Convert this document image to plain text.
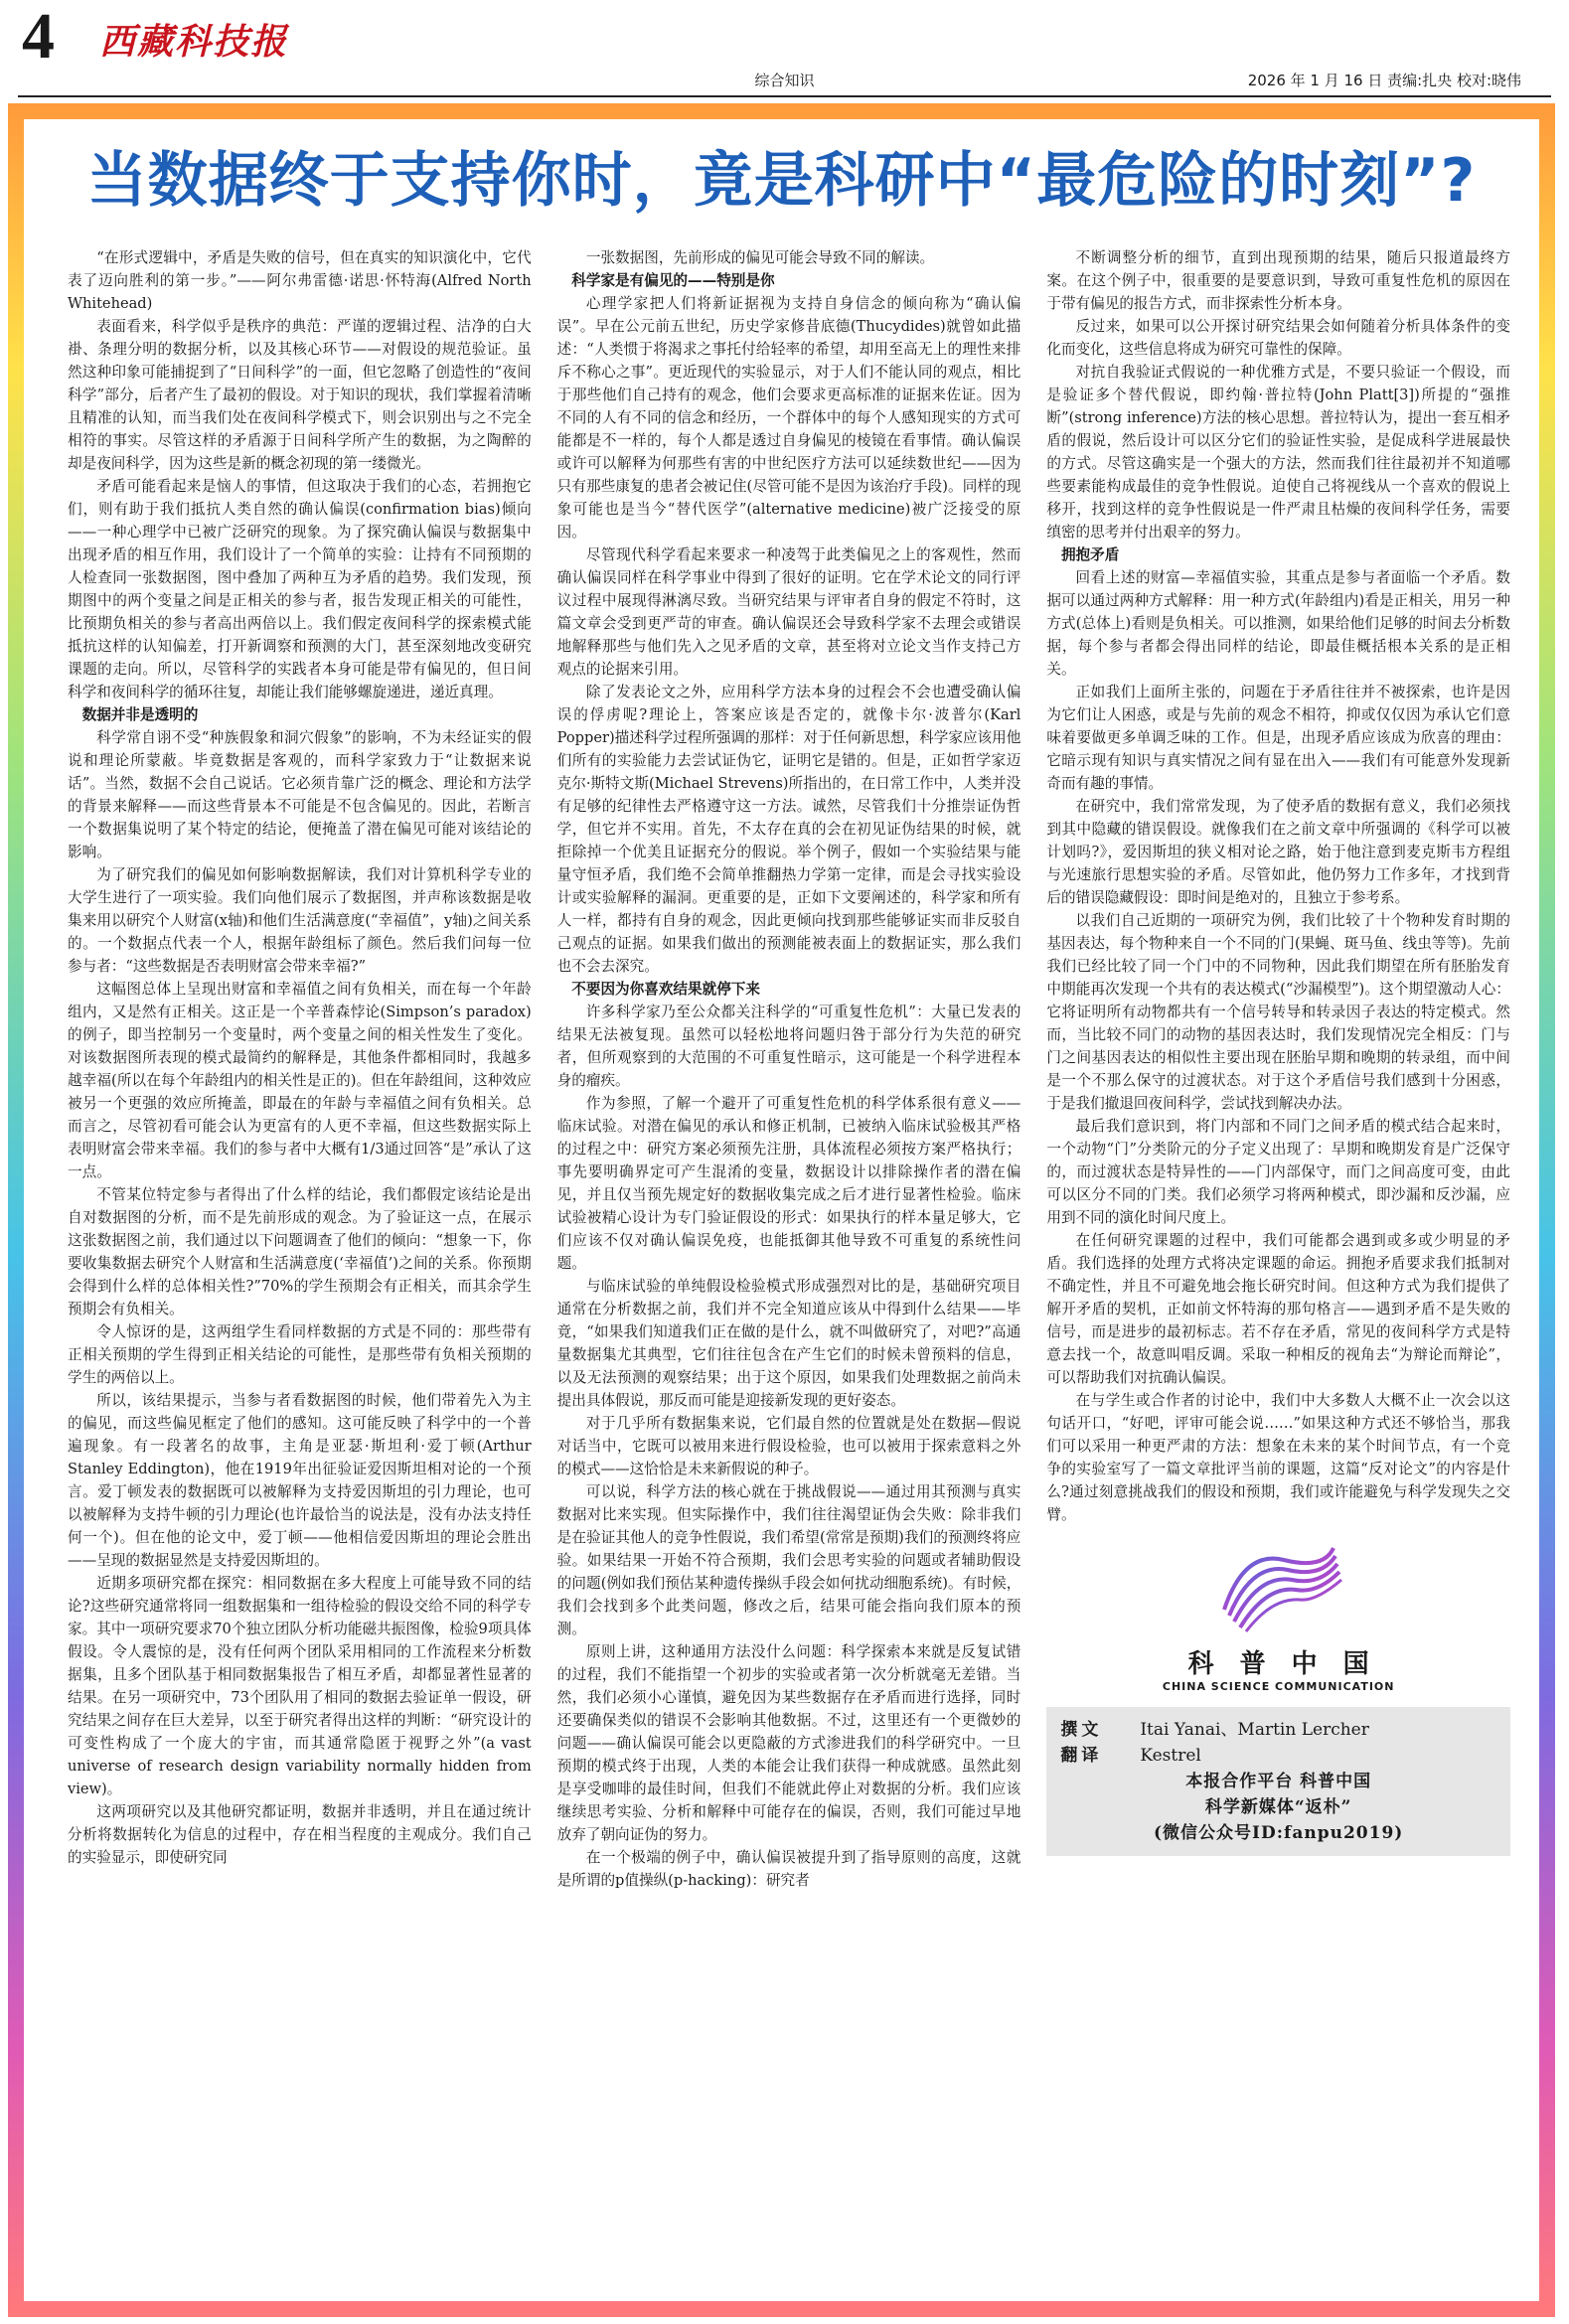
4 西藏科技报
综合知识	2026 年 1 月 16 日 责编:扎央 校对:晓伟
当数据终于支持你时，竟是科研中“最危险的时刻”?

“在形式逻辑中，矛盾是失败的信号，但在真实的知识演化中，它代表了迈向胜利的第一步。”——阿尔弗雷德·诺思·怀特海(Alfred North Whitehead)

表面看来，科学似乎是秩序的典范：严谨的逻辑过程、洁净的白大褂、条理分明的数据分析，以及其核心环节——对假设的规范验证。虽然这种印象可能捕捉到了“日间科学”的一面，但它忽略了创造性的“夜间科学”部分，后者产生了最初的假设。对于知识的现状，我们掌握着清晰且精准的认知，而当我们处在夜间科学模式下，则会识别出与之不完全相符的事实。尽管这样的矛盾源于日间科学所产生的数据，为之陶醉的却是夜间科学，因为这些是新的概念初现的第一缕微光。

矛盾可能看起来是恼人的事情，但这取决于我们的心态，若拥抱它们，则有助于我们抵抗人类自然的确认偏误(confirmation bias)倾向——一种心理学中已被广泛研究的现象。为了探究确认偏误与数据集中出现矛盾的相互作用，我们设计了一个简单的实验：让持有不同预期的人检查同一张数据图，图中叠加了两种互为矛盾的趋势。我们发现，预期图中的两个变量之间是正相关的参与者，报告发现正相关的可能性，比预期负相关的参与者高出两倍以上。我们假定夜间科学的探索模式能抵抗这样的认知偏差，打开新调察和预测的大门，甚至深刻地改变研究课题的走向。所以，尽管科学的实践者本身可能是带有偏见的，但日间科学和夜间科学的循环往复，却能让我们能够螺旋递进，递近真理。

数据并非是透明的

科学常自诩不受“种族假象和洞穴假象”的影响，不为未经证实的假说和理论所蒙蔽。毕竟数据是客观的，而科学家致力于“让数据来说话”。当然，数据不会自己说话。它必须肯靠广泛的概念、理论和方法学的背景来解释——而这些背景本不可能是不包含偏见的。因此，若断言一个数据集说明了某个特定的结论，便掩盖了潜在偏见可能对该结论的影响。

为了研究我们的偏见如何影响数据解读，我们对计算机科学专业的大学生进行了一项实验。我们向他们展示了数据图，并声称该数据是收集来用以研究个人财富(x轴)和他们生活满意度(“幸福值”，y轴)之间关系的。一个数据点代表一个人，根据年龄组标了颜色。然后我们问每一位参与者：“这些数据是否表明财富会带来幸福?”

这幅图总体上呈现出财富和幸福值之间有负相关，而在每一个年龄组内，又是然有正相关。这正是一个辛普森悖论(Simpson’s paradox)的例子，即当控制另一个变量时，两个变量之间的相关性发生了变化。对该数据图所表现的模式最简约的解释是，其他条件都相同时，我越多越幸福(所以在每个年龄组内的相关性是正的)。但在年龄组间，这种效应被另一个更强的效应所掩盖，即最在的年龄与幸福值之间有负相关。总而言之，尽管初看可能会认为更富有的人更不幸福，但这些数据实际上表明财富会带来幸福。我们的参与者中大概有1/3通过回答“是”承认了这一点。

不管某位特定参与者得出了什么样的结论，我们都假定该结论是出自对数据图的分析，而不是先前形成的观念。为了验证这一点，在展示这张数据图之前，我们通过以下问题调查了他们的倾向：“想象一下，你要收集数据去研究个人财富和生活满意度(‘幸福值’)之间的关系。你预期会得到什么样的总体相关性?”70%的学生预期会有正相关，而其余学生预期会有负相关。

令人惊讶的是，这两组学生看同样数据的方式是不同的：那些带有正相关预期的学生得到正相关结论的可能性，是那些带有负相关预期的学生的两倍以上。

所以，该结果提示，当参与者看数据图的时候，他们带着先入为主的偏见，而这些偏见框定了他们的感知。这可能反映了科学中的一个普遍现象。有一段著名的故事，主角是亚瑟·斯坦利·爱丁顿(Arthur Stanley Eddington)，他在1919年出征验证爱因斯坦相对论的一个预言。爱丁顿发表的数据既可以被解释为支持爱因斯坦的引力理论，也可以被解释为支持牛顿的引力理论(也许最恰当的说法是，没有办法支持任何一个)。但在他的论文中，爱丁顿——他相信爱因斯坦的理论会胜出——呈现的数据显然是支持爱因斯坦的。

近期多项研究都在探究：相同数据在多大程度上可能导致不同的结论?这些研究通常将同一组数据集和一组待检验的假设交给不同的科学专家。其中一项研究要求70个独立团队分析功能磁共振图像，检验9项具体假设。令人震惊的是，没有任何两个团队采用相同的工作流程来分析数据集，且多个团队基于相同数据集报告了相互矛盾，却都显著性显著的结果。在另一项研究中，73个团队用了相同的数据去验证单一假设，研究结果之间存在巨大差异，以至于研究者得出这样的判断：“研究设计的可变性构成了一个庞大的宇宙，而其通常隐匿于视野之外”(a vast universe of research design variability normally hidden from view)。

这两项研究以及其他研究都证明，数据并非透明，并且在通过统计分析将数据转化为信息的过程中，存在相当程度的主观成分。我们自己的实验显示，即使研究同

一张数据图，先前形成的偏见可能会导致不同的解读。

科学家是有偏见的——特别是你

心理学家把人们将新证据视为支持自身信念的倾向称为“确认偏误”。早在公元前五世纪，历史学家修昔底德(Thucydides)就曾如此描述：“人类惯于将渴求之事托付给轻率的希望，却用至高无上的理性来排斥不称心之事”。更近现代的实验显示，对于人们不能认同的观点，相比于那些他们自己持有的观念，他们会要求更高标准的证据来佐证。因为不同的人有不同的信念和经历，一个群体中的每个人感知现实的方式可能都是不一样的，每个人都是透过自身偏见的棱镜在看事情。确认偏误或许可以解释为何那些有害的中世纪医疗方法可以延续数世纪——因为只有那些康复的患者会被记住(尽管可能不是因为该治疗手段)。同样的现象可能也是当今“替代医学”(alternative medicine)被广泛接受的原因。

尽管现代科学看起来要求一种凌驾于此类偏见之上的客观性，然而确认偏误同样在科学事业中得到了很好的证明。它在学术论文的同行评议过程中展现得淋漓尽致。当研究结果与评审者自身的假定不符时，这篇文章会受到更严苛的审查。确认偏误还会导致科学家不去理会或错误地解释那些与他们先入之见矛盾的文章，甚至将对立论文当作支持己方观点的论据来引用。

除了发表论文之外，应用科学方法本身的过程会不会也遭受确认偏误的俘虏呢?理论上，答案应该是否定的，就像卡尔·波普尔(Karl Popper)描述科学过程所强调的那样：对于任何新思想，科学家应该用他们所有的实验能力去尝试证伪它，证明它是错的。但是，正如哲学家迈克尔·斯特文斯(Michael Strevens)所指出的，在日常工作中，人类并没有足够的纪律性去严格遵守这一方法。诚然，尽管我们十分推崇证伪哲学，但它并不实用。首先，不太存在真的会在初见证伪结果的时候，就拒除掉一个优美且证据充分的假说。举个例子，假如一个实验结果与能量守恒矛盾，我们绝不会简单推翻热力学第一定律，而是会寻找实验设计或实验解释的漏洞。更重要的是，正如下文要阐述的，科学家和所有人一样，都持有自身的观念，因此更倾向找到那些能够证实而非反驳自己观点的证据。如果我们做出的预测能被表面上的数据证实，那么我们也不会去深究。

不要因为你喜欢结果就停下来

许多科学家乃至公众都关注科学的“可重复性危机”：大量已发表的结果无法被复现。虽然可以轻松地将问题归咎于部分行为失范的研究者，但所观察到的大范围的不可重复性暗示，这可能是一个科学进程本身的瘤疾。

作为参照，了解一个避开了可重复性危机的科学体系很有意义——临床试验。对潜在偏见的承认和修正机制，已被纳入临床试验极其严格的过程之中：研究方案必须预先注册，具体流程必须按方案严格执行；事先要明确界定可产生混淆的变量，数据设计以排除操作者的潜在偏见，并且仅当预先规定好的数据收集完成之后才进行显著性检验。临床试验被精心设计为专门验证假设的形式：如果执行的样本量足够大，它们应该不仅对确认偏误免疫，也能抵御其他导致不可重复的系统性问题。

与临床试验的单纯假设检验模式形成强烈对比的是，基础研究项目通常在分析数据之前，我们并不完全知道应该从中得到什么结果——毕竟，“如果我们知道我们正在做的是什么，就不叫做研究了，对吧?”高通量数据集尤其典型，它们往往包含在产生它们的时候未曾预料的信息，以及无法预测的观察结果；出于这个原因，如果我们处理数据之前尚未提出具体假说，那反而可能是迎接新发现的更好姿态。

对于几乎所有数据集来说，它们最自然的位置就是处在数据—假说对话当中，它既可以被用来进行假设检验，也可以被用于探索意料之外的模式——这恰恰是未来新假说的种子。

可以说，科学方法的核心就在于挑战假说——通过用其预测与真实数据对比来实现。但实际操作中，我们往往渴望证伪会失败：除非我们是在验证其他人的竞争性假说，我们希望(常常是预期)我们的预测终将应验。如果结果一开始不符合预期，我们会思考实验的问题或者辅助假设的问题(例如我们预估某种遗传操纵手段会如何扰动细胞系统)。有时候，我们会找到多个此类问题，修改之后，结果可能会指向我们原本的预测。

原则上讲，这种通用方法没什么问题：科学探索本来就是反复试错的过程，我们不能指望一个初步的实验或者第一次分析就毫无差错。当然，我们必须小心谨慎，避免因为某些数据存在矛盾而进行选择，同时还要确保类似的错误不会影响其他数据。不过，这里还有一个更微妙的问题——确认偏误可能会以更隐蔽的方式渗进我们的科学研究中。一旦预期的模式终于出现，人类的本能会让我们获得一种成就感。虽然此刻是享受咖啡的最佳时间，但我们不能就此停止对数据的分析。我们应该继续思考实验、分析和解释中可能存在的偏误，否则，我们可能过早地放弃了朝向证伪的努力。

在一个极端的例子中，确认偏误被提升到了指导原则的高度，这就是所谓的p值操纵(p-hacking)：研究者

不断调整分析的细节，直到出现预期的结果，随后只报道最终方案。在这个例子中，很重要的是要意识到，导致可重复性危机的原因在于带有偏见的报告方式，而非探索性分析本身。

反过来，如果可以公开探讨研究结果会如何随着分析具体条件的变化而变化，这些信息将成为研究可靠性的保障。

对抗自我验证式假说的一种优雅方式是，不要只验证一个假设，而是验证多个替代假说，即约翰·普拉特(John Platt[3])所提的“强推断”(strong inference)方法的核心思想。普拉特认为，提出一套互相矛盾的假说，然后设计可以区分它们的验证性实验，是促成科学进展最快的方式。尽管这确实是一个强大的方法，然而我们往往最初并不知道哪些要素能构成最佳的竞争性假说。迫使自己将视线从一个喜欢的假说上移开，找到这样的竞争性假说是一件严肃且枯燥的夜间科学任务，需要缜密的思考并付出艰辛的努力。

拥抱矛盾

回看上述的财富—幸福值实验，其重点是参与者面临一个矛盾。数据可以通过两种方式解释：用一种方式(年龄组内)看是正相关，用另一种方式(总体上)看则是负相关。可以推测，如果给他们足够的时间去分析数据，每个参与者都会得出同样的结论，即最佳概括根本关系的是正相关。

正如我们上面所主张的，问题在于矛盾往往并不被探索，也许是因为它们让人困惑，或是与先前的观念不相符，抑或仅仅因为承认它们意味着要做更多单调乏味的工作。但是，出现矛盾应该成为欣喜的理由：它暗示现有知识与真实情况之间有显在出入——我们有可能意外发现新奇而有趣的事情。

在研究中，我们常常发现，为了使矛盾的数据有意义，我们必须找到其中隐藏的错误假设。就像我们在之前文章中所强调的《科学可以被计划吗?》，爱因斯坦的狭义相对论之路，始于他注意到麦克斯韦方程组与光速旅行思想实验的矛盾。尽管如此，他仍努力工作多年，才找到背后的错误隐藏假设：即时间是绝对的，且独立于参考系。

以我们自己近期的一项研究为例，我们比较了十个物种发育时期的基因表达，每个物种来自一个不同的门(果蝇、斑马鱼、线虫等等)。先前我们已经比较了同一个门中的不同物种，因此我们期望在所有胚胎发育中期能再次发现一个共有的表达模式(“沙漏模型”)。这个期望激动人心：它将证明所有动物都共有一个信号转导和转录因子表达的特定模式。然而，当比较不同门的动物的基因表达时，我们发现情况完全相反：门与门之间基因表达的相似性主要出现在胚胎早期和晚期的转录组，而中间是一个不那么保守的过渡状态。对于这个矛盾信号我们感到十分困惑，于是我们撤退回夜间科学，尝试找到解决办法。

最后我们意识到，将门内部和不同门之间矛盾的模式结合起来时，一个动物“门”分类阶元的分子定义出现了：早期和晚期发育是广泛保守的，而过渡状态是特异性的——门内部保守，而门之间高度可变，由此可以区分不同的门类。我们必须学习将两种模式，即沙漏和反沙漏，应用到不同的演化时间尺度上。

在任何研究课题的过程中，我们可能都会遇到或多或少明显的矛盾。我们选择的处理方式将决定课题的命运。拥抱矛盾要求我们抵制对不确定性，并且不可避免地会拖长研究时间。但这种方式为我们提供了解开矛盾的契机，正如前文怀特海的那句格言——遇到矛盾不是失败的信号，而是进步的最初标志。若不存在矛盾，常见的夜间科学方式是特意去找一个，故意叫唱反调。采取一种相反的视角去“为辩论而辩论”，可以帮助我们对抗确认偏误。

在与学生或合作者的讨论中，我们中大多数人大概不止一次会以这句话开口，“好吧，评审可能会说……”如果这种方式还不够恰当，那我们可以采用一种更严肃的方法：想象在未来的某个时间节点，有一个竞争的实验室写了一篇文章批评当前的课题，这篇“反对论文”的内容是什么?通过刻意挑战我们的假设和预期，我们或许能避免与科学发现失之交臂。

科普中国
CHINA SCIENCE COMMUNICATION
撰文	Itai Yanai、Martin Lercher
翻译	Kestrel
本报合作平台 科普中国
科学新媒体“返朴”
(微信公众号ID:fanpu2019)
